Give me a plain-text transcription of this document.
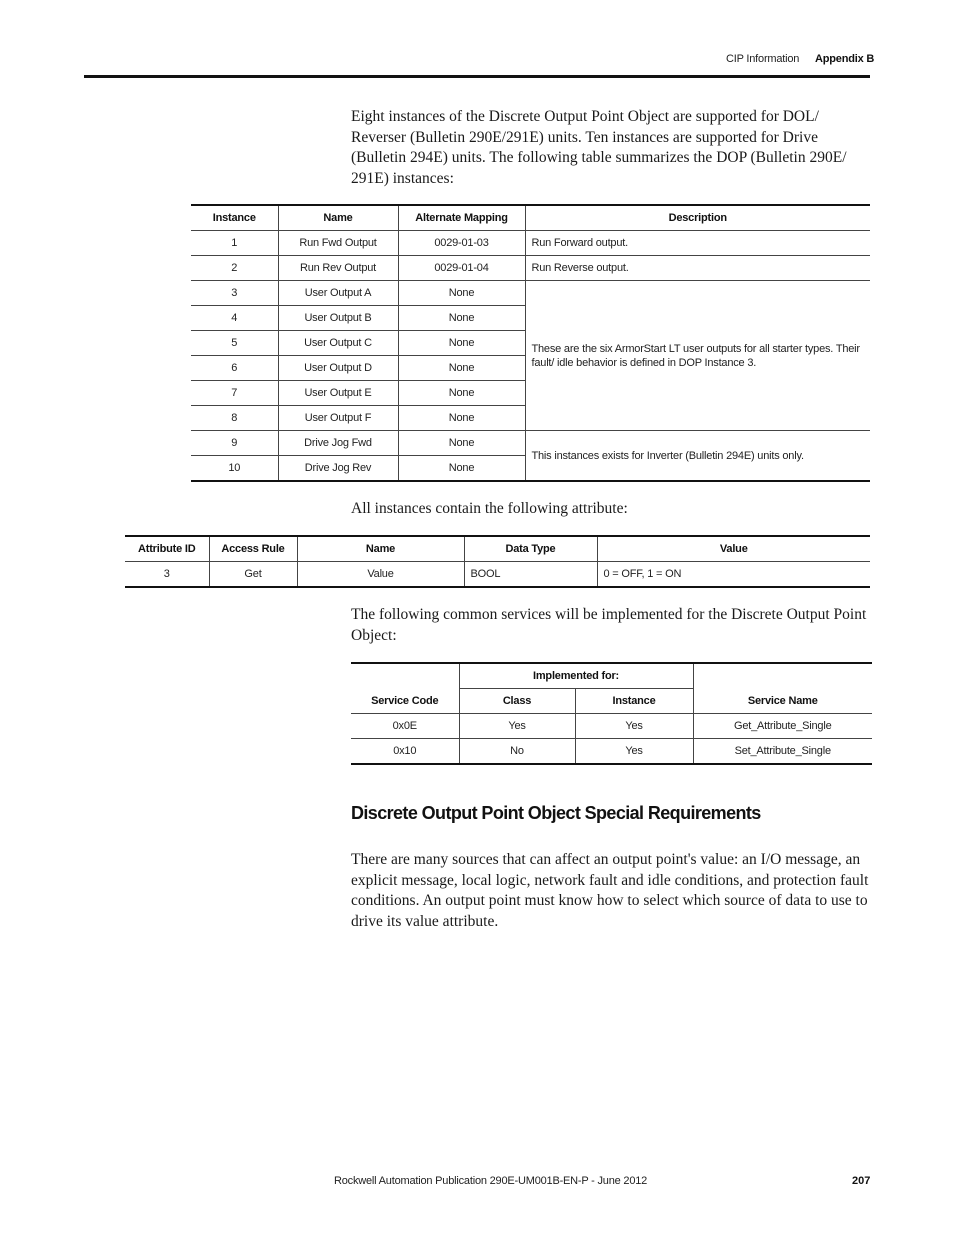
CIP Information Appendix B
Eight instances of the Discrete Output Point Object are supported for DOL/ Reverser (Bulletin 290E/291E) units. Ten instances are supported for Drive (Bulletin 294E) units. The following table summarizes the DOP (Bulletin 290E/ 291E) instances:
Instance	Name	Alternate Mapping	Description
1	Run Fwd Output	0029-01-03	Run Forward output.
2	Run Rev Output	0029-01-04	Run Reverse output.
3	User Output A	None	These are the six ArmorStart LT user outputs for all starter types. Their fault/ idle behavior is defined in DOP Instance 3.
4	User Output B	None	
5	User Output C	None	
6	User Output D	None	
7	User Output E	None	
8	User Output F	None	
9	Drive Jog Fwd	None	This instances exists for Inverter (Bulletin 294E) units only.
10	Drive Jog Rev	None	
All instances contain the following attribute:
Attribute ID	Access Rule	Name	Data Type	Value
3	Get	Value	BOOL	0 = OFF, 1 = ON
The following common services will be implemented for the Discrete Output Point Object:
Service Code	Implemented for:		Service Name
	Class	Instance	
0x0E	Yes	Yes	Get_Attribute_Single
0x10	No	Yes	Set_Attribute_Single
Discrete Output Point Object Special Requirements
There are many sources that can affect an output point's value: an I/O message, an explicit message, local logic, network fault and idle conditions, and protection fault conditions. An output point must know how to select which source of data to use to drive its value attribute.
Rockwell Automation Publication 290E-UM001B-EN-P - June 2012	207
